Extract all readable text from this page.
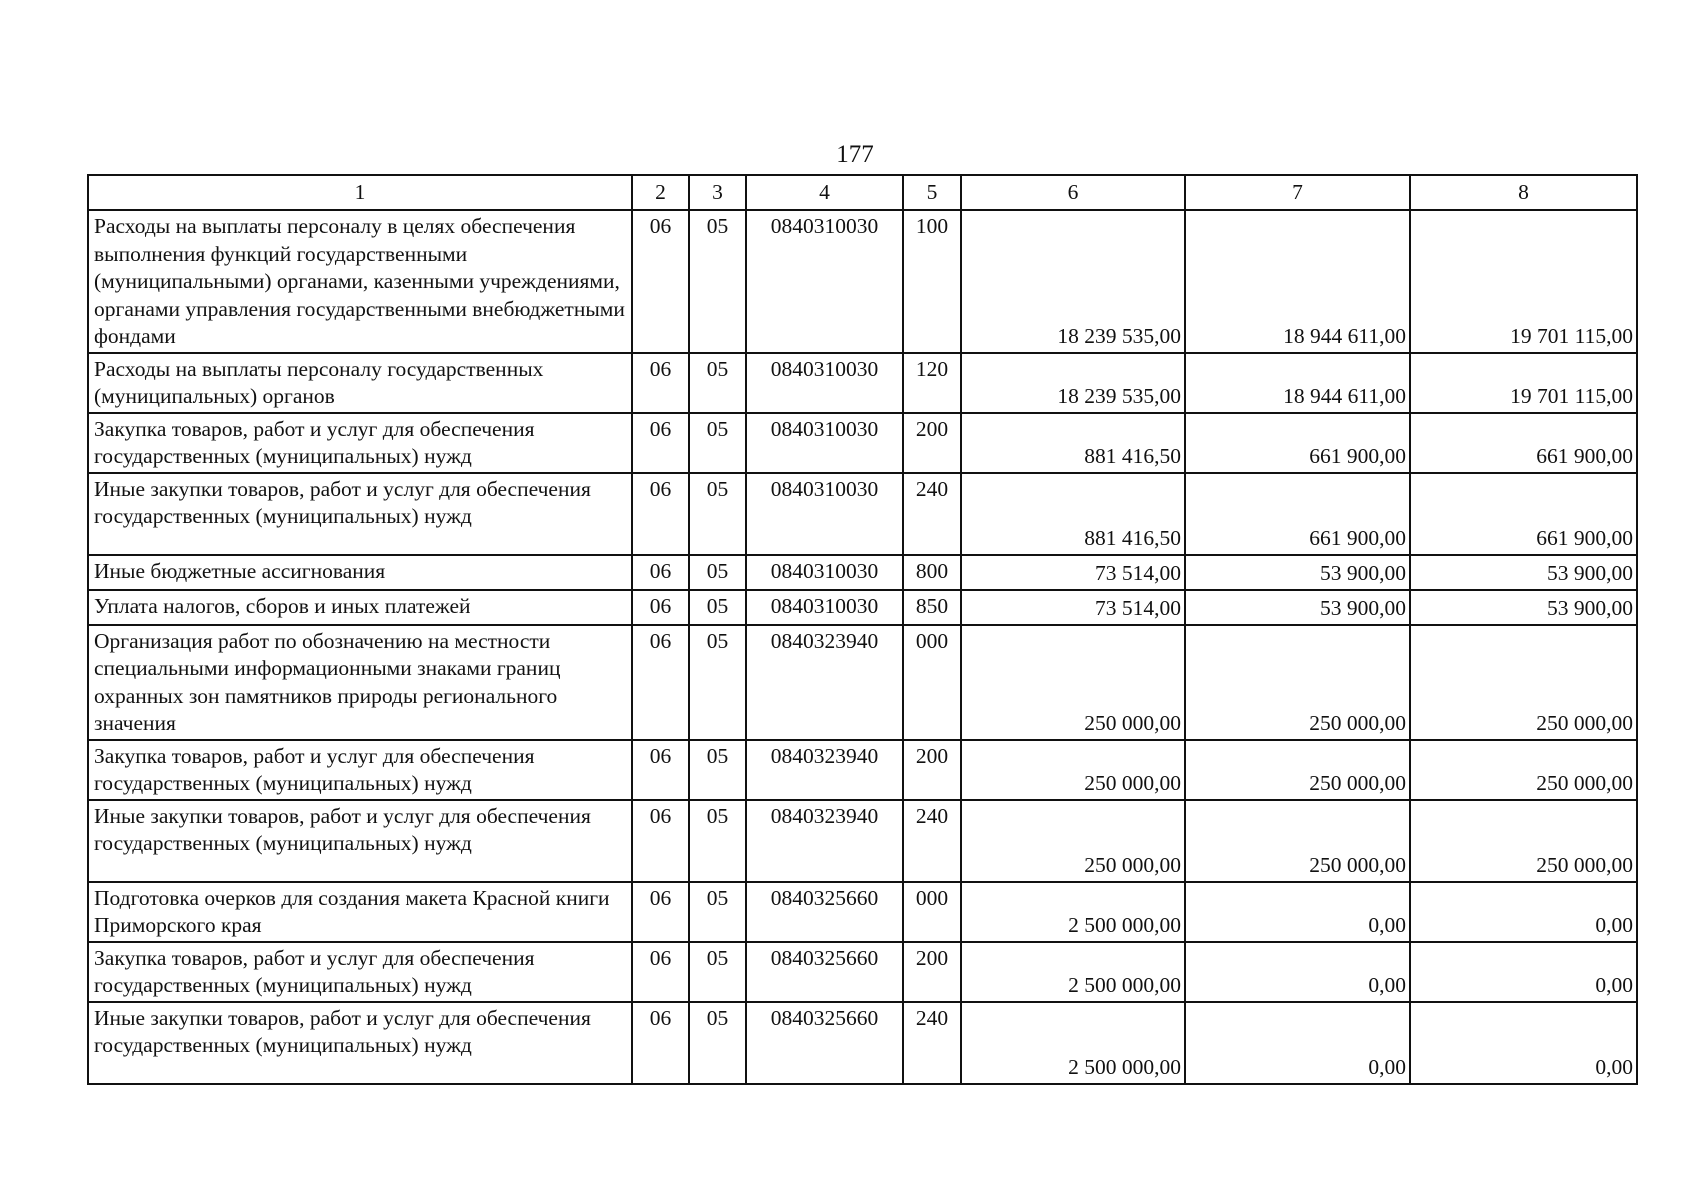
177
1	2	3	4	5	6	7	8
Расходы на выплаты персоналу в целях обеспечения выполнения функций государственными (муниципальными) органами, казенными учреждениями, органами управления государственными внебюджетными фондами	06	05	0840310030	100	18 239 535,00	18 944 611,00	19 701 115,00
Расходы на выплаты персоналу государственных (муниципальных) органов	06	05	0840310030	120	18 239 535,00	18 944 611,00	19 701 115,00
Закупка товаров, работ и услуг для обеспечения государственных (муниципальных) нужд	06	05	0840310030	200	881 416,50	661 900,00	661 900,00
Иные закупки товаров, работ и услуг для обеспечения государственных (муниципальных) нужд	06	05	0840310030	240	881 416,50	661 900,00	661 900,00
Иные бюджетные ассигнования	06	05	0840310030	800	73 514,00	53 900,00	53 900,00
Уплата налогов, сборов и иных платежей	06	05	0840310030	850	73 514,00	53 900,00	53 900,00
Организация работ по обозначению на местности специальными информационными знаками границ охранных зон памятников природы регионального значения	06	05	0840323940	000	250 000,00	250 000,00	250 000,00
Закупка товаров, работ и услуг для обеспечения государственных (муниципальных) нужд	06	05	0840323940	200	250 000,00	250 000,00	250 000,00
Иные закупки товаров, работ и услуг для обеспечения государственных (муниципальных) нужд	06	05	0840323940	240	250 000,00	250 000,00	250 000,00
Подготовка очерков для создания макета Красной книги Приморского края	06	05	0840325660	000	2 500 000,00	0,00	0,00
Закупка товаров, работ и услуг для обеспечения государственных (муниципальных) нужд	06	05	0840325660	200	2 500 000,00	0,00	0,00
Иные закупки товаров, работ и услуг для обеспечения государственных (муниципальных) нужд	06	05	0840325660	240	2 500 000,00	0,00	0,00
